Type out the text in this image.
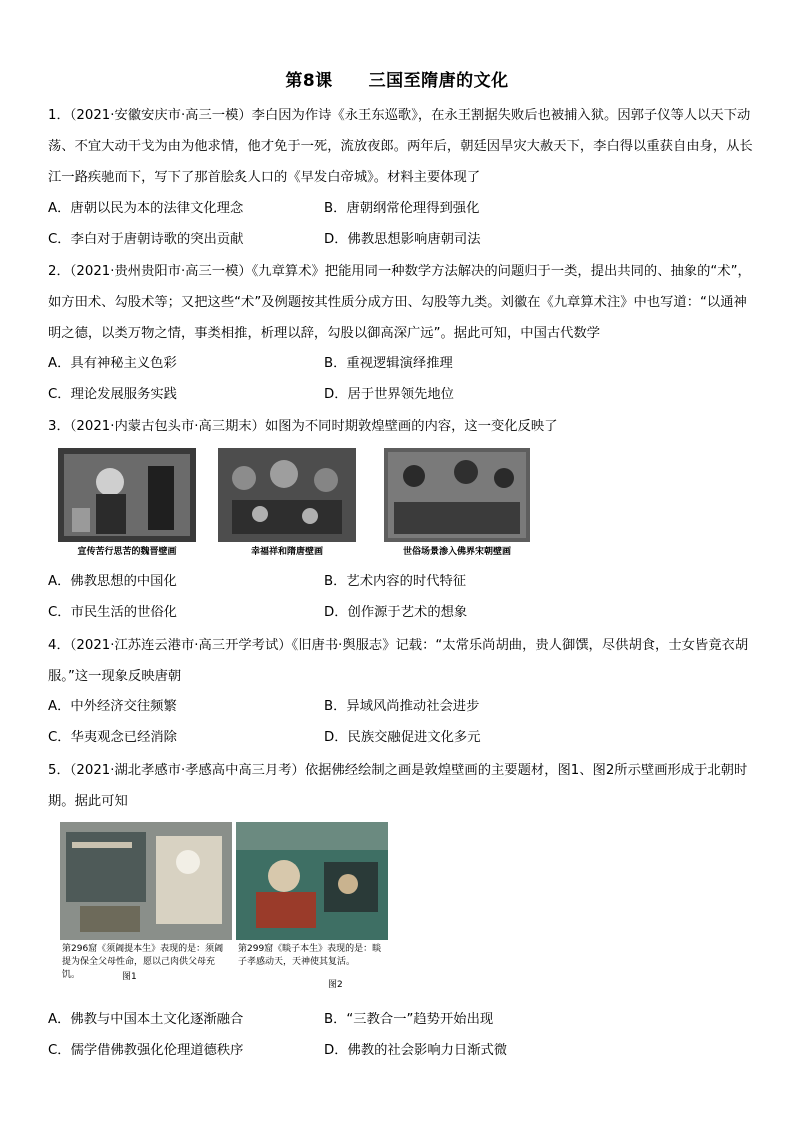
第8课 三国至隋唐的文化
1．（2021·安徽安庆市·高三一模）李白因为作诗《永王东巡歌》，在永王割据失败后也被捕入狱。因郭子仪等人以天下动荡、不宜大动干戈为由为他求情，他才免于一死，流放夜郎。两年后，朝廷因旱灾大赦天下，李白得以重获自由身，从长江一路疾驰而下，写下了那首脍炙人口的《早发白帝城》。材料主要体现了
A．唐朝以民为本的法律文化理念	B．唐朝纲常伦理得到强化
C．李白对于唐朝诗歌的突出贡献	D．佛教思想影响唐朝司法
2．（2021·贵州贵阳市·高三一模）《九章算术》把能用同一种数学方法解决的问题归于一类，提出共同的、抽象的“术”，如方田术、勾股术等；又把这些“术”及例题按其性质分成方田、勾股等九类。刘徽在《九章算术注》中也写道：“以通神明之德，以类万物之情，事类相推，析理以辞，勾股以御高深广远”。据此可知，中国古代数学
A．具有神秘主义色彩	B．重视逻辑演绎推理
C．理论发展服务实践	D．居于世界领先地位
3．（2021·内蒙古包头市·高三期末）如图为不同时期敦煌壁画的内容，这一变化反映了
宣传苦行思苦的魏晋壁画	幸福祥和隋唐壁画	世俗场景渗入佛界宋朝壁画
A．佛教思想的中国化	B．艺术内容的时代特征
C．市民生活的世俗化	D．创作源于艺术的想象
4．（2021·江苏连云港市·高三开学考试）《旧唐书·舆服志》记载：“太常乐尚胡曲，贵人御馔，尽供胡食，士女皆竟衣胡服。”这一现象反映唐朝
A．中外经济交往频繁	B．异域风尚推动社会进步
C．华夷观念已经消除	D．民族交融促进文化多元
5．（2021·湖北孝感市·孝感高中高三月考）依据佛经绘制之画是敦煌壁画的主要题材，图1、图2所示壁画形成于北朝时期。据此可知
第296窟《须阇提本生》表现的是：须阇提为保全父母性命，愿以己肉供父母充饥。	图1
第299窟《睒子本生》表现的是：睒子孝感动天，天神使其复活。
图2
A．佛教与中国本土文化逐渐融合	B．“三教合一”趋势开始出现
C．儒学借佛教强化伦理道德秩序	D．佛教的社会影响力日渐式微
